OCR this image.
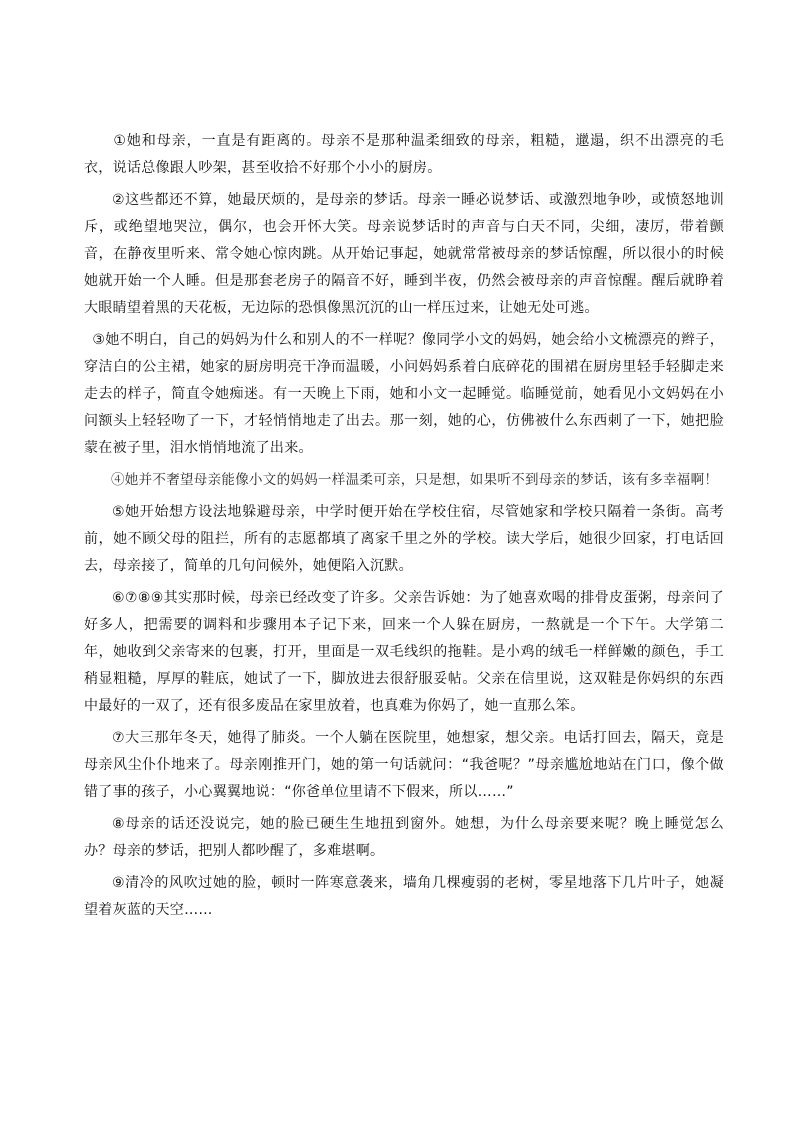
①她和母亲，一直是有距离的。母亲不是那种温柔细致的母亲，粗糙，邋遢，织不出漂亮的毛衣，说话总像跟人吵架，甚至收拾不好那个小小的厨房。

②这些都还不算，她最厌烦的，是母亲的梦话。母亲一睡必说梦话、或激烈地争吵，或愤怒地训斥，或绝望地哭泣，偶尔，也会开怀大笑。母亲说梦话时的声音与白天不同，尖细，凄厉，带着颤音，在静夜里听来、常令她心惊肉跳。从开始记事起，她就常常被母亲的梦话惊醒，所以很小的时候她就开始一个人睡。但是那套老房子的隔音不好，睡到半夜，仍然会被母亲的声音惊醒。醒后就睁着大眼睛望着黑的天花板，无边际的恐惧像黑沉沉的山一样压过来，让她无处可逃。

③她不明白，自己的妈妈为什么和别人的不一样呢？像同学小文的妈妈，她会给小文梳漂亮的辫子，穿洁白的公主裙，她家的厨房明亮干净而温暖，小问妈妈系着白底碎花的围裙在厨房里轻手轻脚走来走去的样子，简直令她痴迷。有一天晚上下雨，她和小文一起睡觉。临睡觉前，她看见小文妈妈在小问额头上轻轻吻了一下，才轻悄悄地走了出去。那一刻，她的心，仿佛被什么东西刺了一下，她把脸蒙在被子里，泪水悄悄地流了出来。

④她并不奢望母亲能像小文的妈妈一样温柔可亲，只是想，如果听不到母亲的梦话，该有多幸福啊！

⑤她开始想方设法地躲避母亲，中学时便开始在学校住宿，尽管她家和学校只隔着一条街。高考前，她不顾父母的阻拦，所有的志愿都填了离家千里之外的学校。读大学后，她很少回家，打电话回去，母亲接了，简单的几句问候外，她便陷入沉默。

⑥⑦⑧⑨其实那时候，母亲已经改变了许多。父亲告诉她：为了她喜欢喝的排骨皮蛋粥，母亲问了好多人，把需要的调料和步骤用本子记下来，回来一个人躲在厨房，一熬就是一个下午。大学第二年，她收到父亲寄来的包裹，打开，里面是一双毛线织的拖鞋。是小鸡的绒毛一样鲜嫩的颜色，手工稍显粗糙，厚厚的鞋底，她试了一下，脚放进去很舒服妥帖。父亲在信里说，这双鞋是你妈织的东西中最好的一双了，还有很多废品在家里放着，也真难为你妈了，她一直那么笨。

⑦大三那年冬天，她得了肺炎。一个人躺在医院里，她想家，想父亲。电话打回去，隔天，竟是母亲风尘仆仆地来了。母亲刚推开门，她的第一句话就问：“我爸呢？”母亲尴尬地站在门口，像个做错了事的孩子，小心翼翼地说：“你爸单位里请不下假来，所以……”

⑧母亲的话还没说完，她的脸已硬生生地扭到窗外。她想，为什么母亲要来呢？晚上睡觉怎么办？母亲的梦话，把别人都吵醒了，多难堪啊。

⑨清冷的风吹过她的脸，顿时一阵寒意袭来，墙角几棵瘦弱的老树，零星地落下几片叶子，她凝望着灰蓝的天空……
